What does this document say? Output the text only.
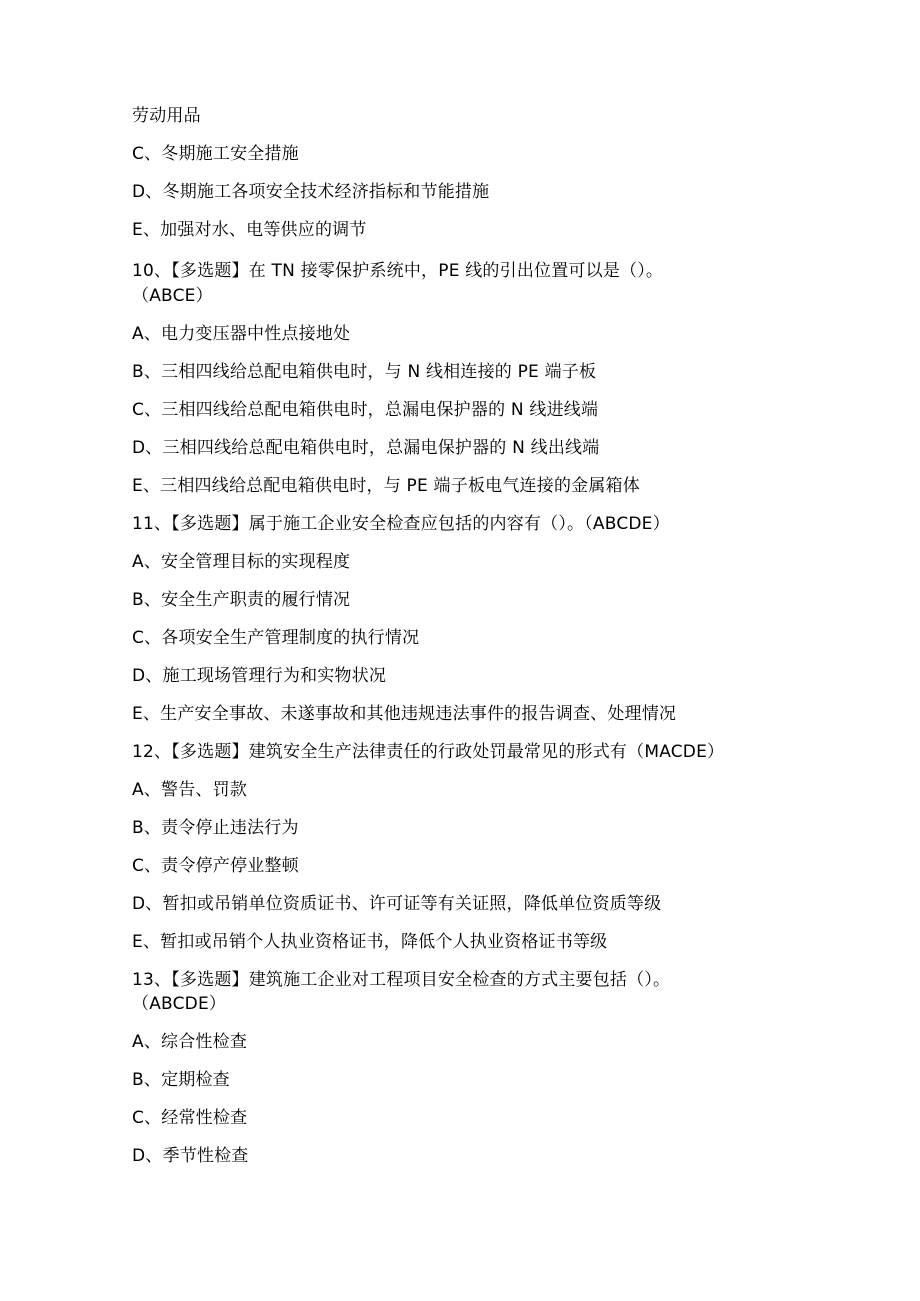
劳动用品
C、冬期施工安全措施
D、冬期施工各项安全技术经济指标和节能措施
E、加强对水、电等供应的调节
10、【多选题】在 TN 接零保护系统中，PE 线的引出位置可以是（）。
（ABCE）
A、电力变压器中性点接地处
B、三相四线给总配电箱供电时，与 N 线相连接的 PE 端子板
C、三相四线给总配电箱供电时，总漏电保护器的 N 线进线端
D、三相四线给总配电箱供电时，总漏电保护器的 N 线出线端
E、三相四线给总配电箱供电时，与 PE 端子板电气连接的金属箱体
11、【多选题】属于施工企业安全检查应包括的内容有（）。（ABCDE）
A、安全管理目标的实现程度
B、安全生产职责的履行情况
C、各项安全生产管理制度的执行情况
D、施工现场管理行为和实物状况
E、生产安全事故、未遂事故和其他违规违法事件的报告调查、处理情况
12、【多选题】建筑安全生产法律责任的行政处罚最常见的形式有（MACDE）
A、警告、罚款
B、责令停止违法行为
C、责令停产停业整顿
D、暂扣或吊销单位资质证书、许可证等有关证照，降低单位资质等级
E、暂扣或吊销个人执业资格证书，降低个人执业资格证书等级
13、【多选题】建筑施工企业对工程项目安全检查的方式主要包括（）。
（ABCDE）
A、综合性检查
B、定期检查
C、经常性检查
D、季节性检查
